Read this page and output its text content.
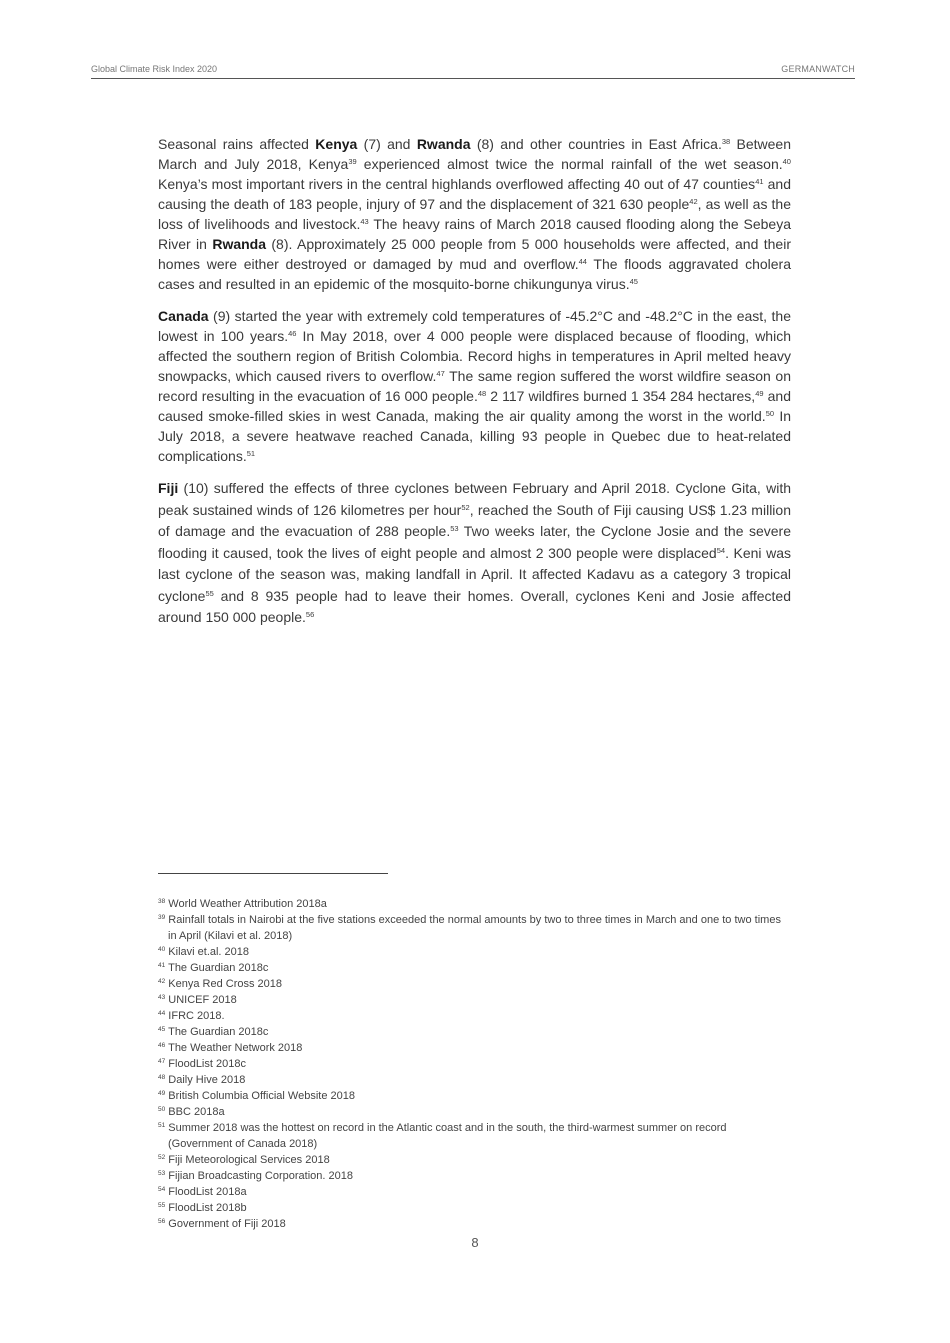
Global Climate Risk Index 2020	GERMANWATCH

Seasonal rains affected Kenya (7) and Rwanda (8) and other countries in East Africa.$^{38}$ Between March and July 2018, Kenya$^{39}$ experienced almost twice the normal rainfall of the wet season.$^{40}$ Kenya’s most important rivers in the central highlands overflowed affecting 40 out of 47 counties$^{41}$ and causing the death of 183 people, injury of 97 and the displacement of 321 630 people$^{42}$, as well as the loss of livelihoods and livestock.$^{43}$ The heavy rains of March 2018 caused flooding along the Sebeya River in Rwanda (8). Approximately 25 000 people from 5 000 households were affected, and their homes were either destroyed or damaged by mud and overflow.$^{44}$ The floods aggravated cholera cases and resulted in an epidemic of the mosquito-borne chikungunya virus.$^{45}$

Canada (9) started the year with extremely cold temperatures of -45.2°C and -48.2°C in the east, the lowest in 100 years.$^{46}$ In May 2018, over 4 000 people were displaced because of flooding, which affected the southern region of British Colombia. Record highs in temperatures in April melted heavy snowpacks, which caused rivers to overflow.$^{47}$ The same region suffered the worst wildfire season on record resulting in the evacuation of 16 000 people.$^{48}$ 2 117 wildfires burned 1 354 284 hectares,$^{49}$ and caused smoke-filled skies in west Canada, making the air quality among the worst in the world.$^{50}$ In July 2018, a severe heatwave reached Canada, killing 93 people in Quebec due to heat-related complications.$^{51}$

Fiji (10) suffered the effects of three cyclones between February and April 2018. Cyclone Gita, with peak sustained winds of 126 kilometres per hour$^{52}$, reached the South of Fiji causing US$ 1.23 million of damage and the evacuation of 288 people.$^{53}$ Two weeks later, the Cyclone Josie and the severe flooding it caused, took the lives of eight people and almost 2 300 people were displaced$^{54}$. Keni was last cyclone of the season was, making landfall in April. It affected Kadavu as a category 3 tropical cyclone$^{55}$ and 8 935 people had to leave their homes. Overall, cyclones Keni and Josie affected around 150 000 people.$^{56}$

$^{38}$ World Weather Attribution 2018a
$^{39}$ Rainfall totals in Nairobi at the five stations exceeded the normal amounts by two to three times in March and one to two times in April (Kilavi et al. 2018)
$^{40}$ Kilavi et.al. 2018
$^{41}$ The Guardian 2018c
$^{42}$ Kenya Red Cross 2018
$^{43}$ UNICEF 2018
$^{44}$ IFRC 2018.
$^{45}$ The Guardian 2018c
$^{46}$ The Weather Network 2018
$^{47}$ FloodList 2018c
$^{48}$ Daily Hive 2018
$^{49}$ British Columbia Official Website 2018
$^{50}$ BBC 2018a
$^{51}$ Summer 2018 was the hottest on record in the Atlantic coast and in the south, the third-warmest summer on record (Government of Canada 2018)
$^{52}$ Fiji Meteorological Services 2018
$^{53}$ Fijian Broadcasting Corporation. 2018
$^{54}$ FloodList 2018a
$^{55}$ FloodList 2018b
$^{56}$ Government of Fiji 2018
8
